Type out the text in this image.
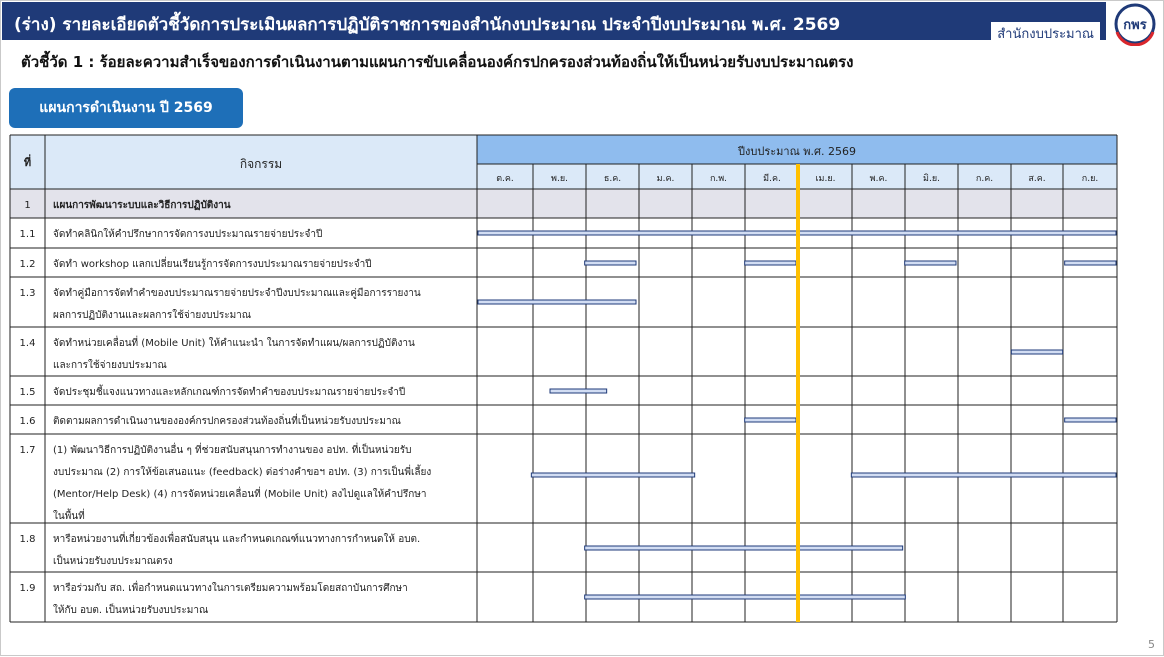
(ร่าง) รายละเอียดตัวชี้วัดการประเมินผลการปฏิบัติราชการของสำนักงบประมาณ ประจำปีงบประมาณ พ.ศ. 2569	สำนักงบประมาณ
กพร
ตัวชี้วัด 1 : ร้อยละความสำเร็จของการดำเนินงานตามแผนการขับเคลื่อนองค์กรปกครองส่วนท้องถิ่นให้เป็นหน่วยรับงบประมาณตรง
แผนการดำเนินงาน ปี 2569
ที่	กิจกรรม
ปีงบประมาณ พ.ศ. 2569
ต.ค.	พ.ย.	ธ.ค.	ม.ค.	ก.พ.	มี.ค.	เม.ย.	พ.ค.	มิ.ย.	ก.ค.	ส.ค.	ก.ย.
1 แผนการพัฒนาระบบและวิธีการปฏิบัติงาน
1.1 จัดทำคลินิกให้คำปรึกษาการจัดการงบประมาณรายจ่ายประจำปี
1.2 จัดทำ workshop แลกเปลี่ยนเรียนรู้การจัดการงบประมาณรายจ่ายประจำปี
1.3 จัดทำคู่มือการจัดทำคำของบประมาณรายจ่ายประจำปีงบประมาณและคู่มือการรายงาน
ผลการปฏิบัติงานและผลการใช้จ่ายงบประมาณ
1.4 จัดทำหน่วยเคลื่อนที่ (Mobile Unit) ให้คำแนะนำ ในการจัดทำแผน/ผลการปฏิบัติงาน
และการใช้จ่ายงบประมาณ
1.5 จัดประชุมชี้แจงแนวทางและหลักเกณฑ์การจัดทำคำของบประมาณรายจ่ายประจำปี
1.6 ติดตามผลการดำเนินงานขององค์กรปกครองส่วนท้องถิ่นที่เป็นหน่วยรับงบประมาณ
1.7 (1) พัฒนาวิธีการปฏิบัติงานอื่น ๆ ที่ช่วยสนับสนุนการทำงานของ อปท. ที่เป็นหน่วยรับ
งบประมาณ (2) การให้ข้อเสนอแนะ (feedback) ต่อร่างคำขอฯ อปท. (3) การเป็นพี่เลี้ยง
(Mentor/Help Desk) (4) การจัดหน่วยเคลื่อนที่ (Mobile Unit) ลงไปดูแลให้คำปรึกษา
ในพื้นที่
1.8 หารือหน่วยงานที่เกี่ยวข้องเพื่อสนับสนุน และกำหนดเกณฑ์แนวทางการกำหนดให้ อบต.
เป็นหน่วยรับงบประมาณตรง
1.9 หารือร่วมกับ สถ. เพื่อกำหนดแนวทางในการเตรียมความพร้อมโดยสถาบันการศึกษา
ให้กับ อบต. เป็นหน่วยรับงบประมาณ
5
